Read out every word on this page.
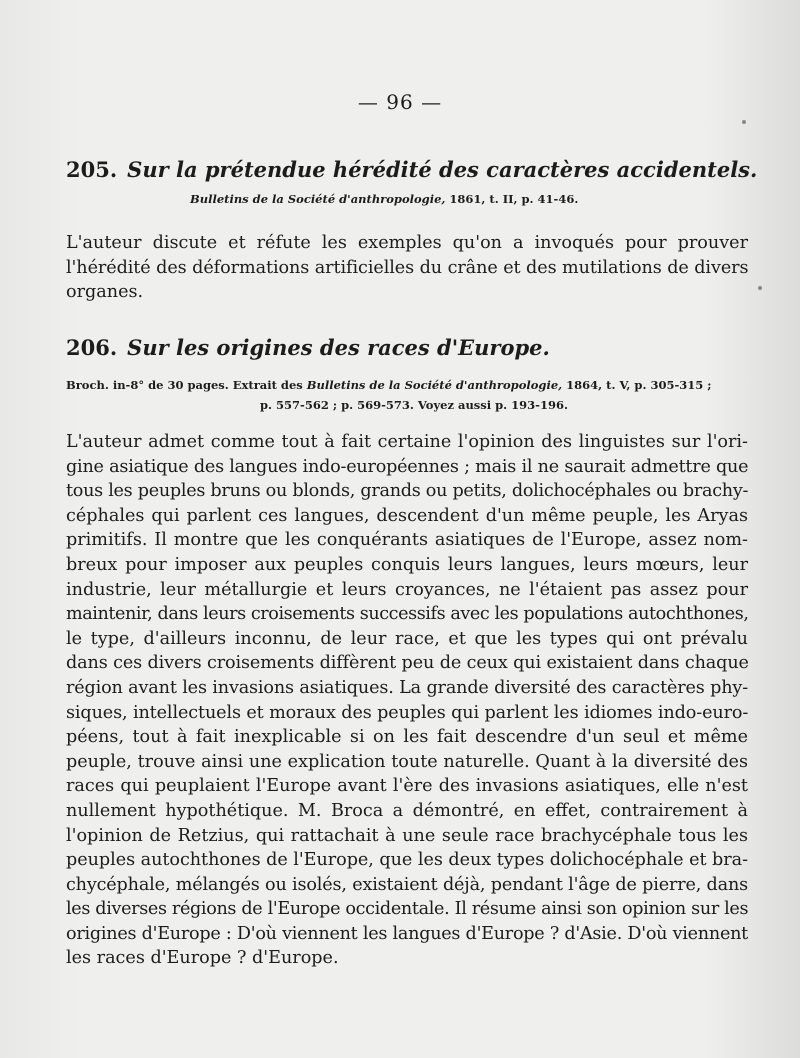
— 96 —
205. Sur la prétendue hérédité des caractères accidentels.
Bulletins de la Société d'anthropologie, 1861, t. II, p. 41-46.
L'auteur discute et réfute les exemples qu'on a invoqués pour prouver
l'hérédité des déformations artificielles du crâne et des mutilations de divers
organes.
206. Sur les origines des races d'Europe.
Broch. in-8° de 30 pages. Extrait des Bulletins de la Société d'anthropologie, 1864, t. V, p. 305-315 ;
p. 557-562 ; p. 569-573. Voyez aussi p. 193-196.
L'auteur admet comme tout à fait certaine l'opinion des linguistes sur l'ori-
gine asiatique des langues indo-européennes ; mais il ne saurait admettre que
tous les peuples bruns ou blonds, grands ou petits, dolichocéphales ou brachy-
céphales qui parlent ces langues, descendent d'un même peuple, les Aryas
primitifs. Il montre que les conquérants asiatiques de l'Europe, assez nom-
breux pour imposer aux peuples conquis leurs langues, leurs mœurs, leur
industrie, leur métallurgie et leurs croyances, ne l'étaient pas assez pour
maintenir, dans leurs croisements successifs avec les populations autochthones,
le type, d'ailleurs inconnu, de leur race, et que les types qui ont prévalu
dans ces divers croisements diffèrent peu de ceux qui existaient dans chaque
région avant les invasions asiatiques. La grande diversité des caractères phy-
siques, intellectuels et moraux des peuples qui parlent les idiomes indo-euro-
péens, tout à fait inexplicable si on les fait descendre d'un seul et même
peuple, trouve ainsi une explication toute naturelle. Quant à la diversité des
races qui peuplaient l'Europe avant l'ère des invasions asiatiques, elle n'est
nullement hypothétique. M. Broca a démontré, en effet, contrairement à
l'opinion de Retzius, qui rattachait à une seule race brachycéphale tous les
peuples autochthones de l'Europe, que les deux types dolichocéphale et bra-
chycéphale, mélangés ou isolés, existaient déjà, pendant l'âge de pierre, dans
les diverses régions de l'Europe occidentale. Il résume ainsi son opinion sur les
origines d'Europe : D'où viennent les langues d'Europe ? d'Asie. D'où viennent
les races d'Europe ? d'Europe.
